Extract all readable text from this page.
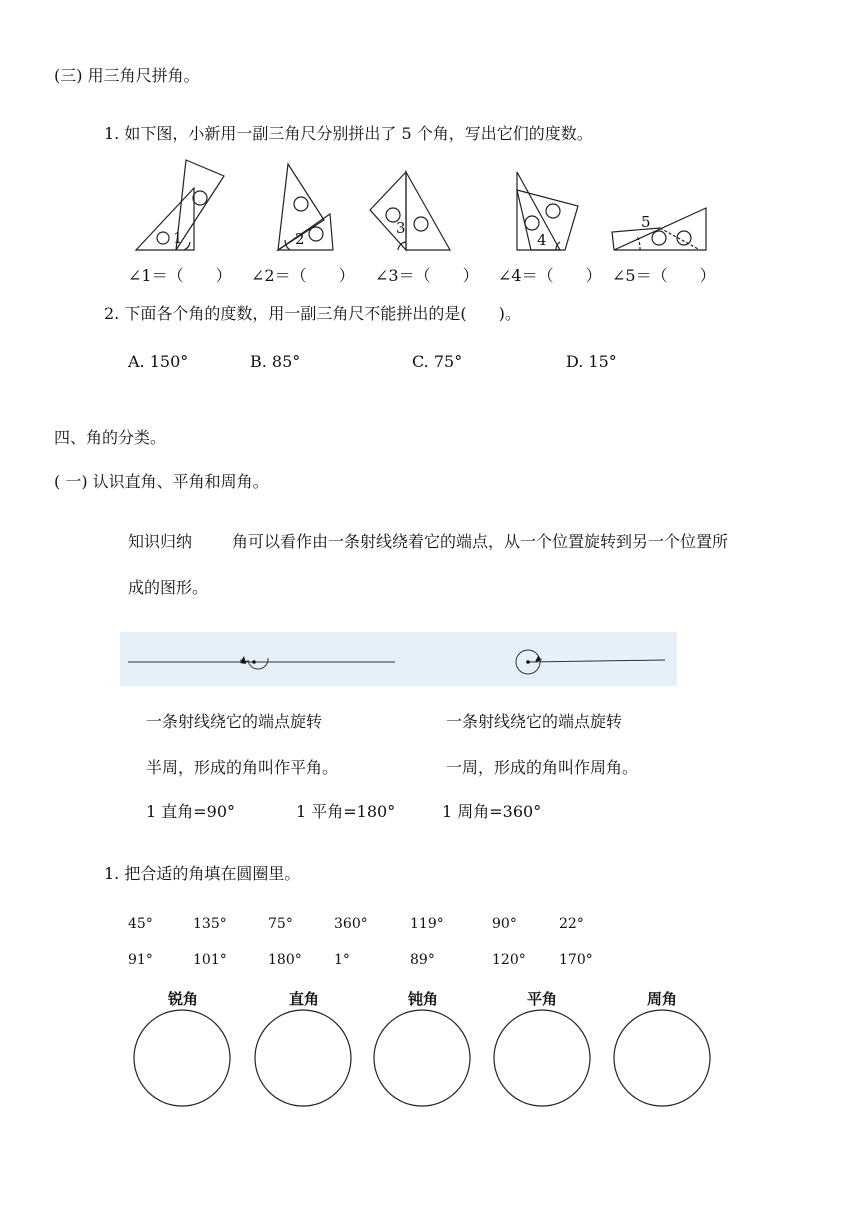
(三) 用三角尺拼角。
1. 如下图，小新用一副三角尺分别拼出了 5 个角，写出它们的度数。
1	2
3
4
5
∠1＝（　　） ∠2＝（　　） ∠3＝（　　） ∠4＝（　　） ∠5＝（　　）
2. 下面各个角的度数，用一副三角尺不能拼出的是(　　)。
A. 150°	B. 85°	C. 75°	D. 15°
四、角的分类。
( 一) 认识直角、平角和周角。
知识归纳 角可以看作由一条射线绕着它的端点，从一个位置旋转到另一个位置所
成的图形。
一条射线绕它的端点旋转
半周，形成的角叫作平角。
一条射线绕它的端点旋转
一周，形成的角叫作周角。
1 直角=90°	1 平角=180°	1 周角=360°
1. 把合适的角填在圆圈里。
45°	135°	75°	360°	119°	90°	22°
91°	101°	180° 1°	89°	120° 170°
锐角	直角	钝角	平角	周角
